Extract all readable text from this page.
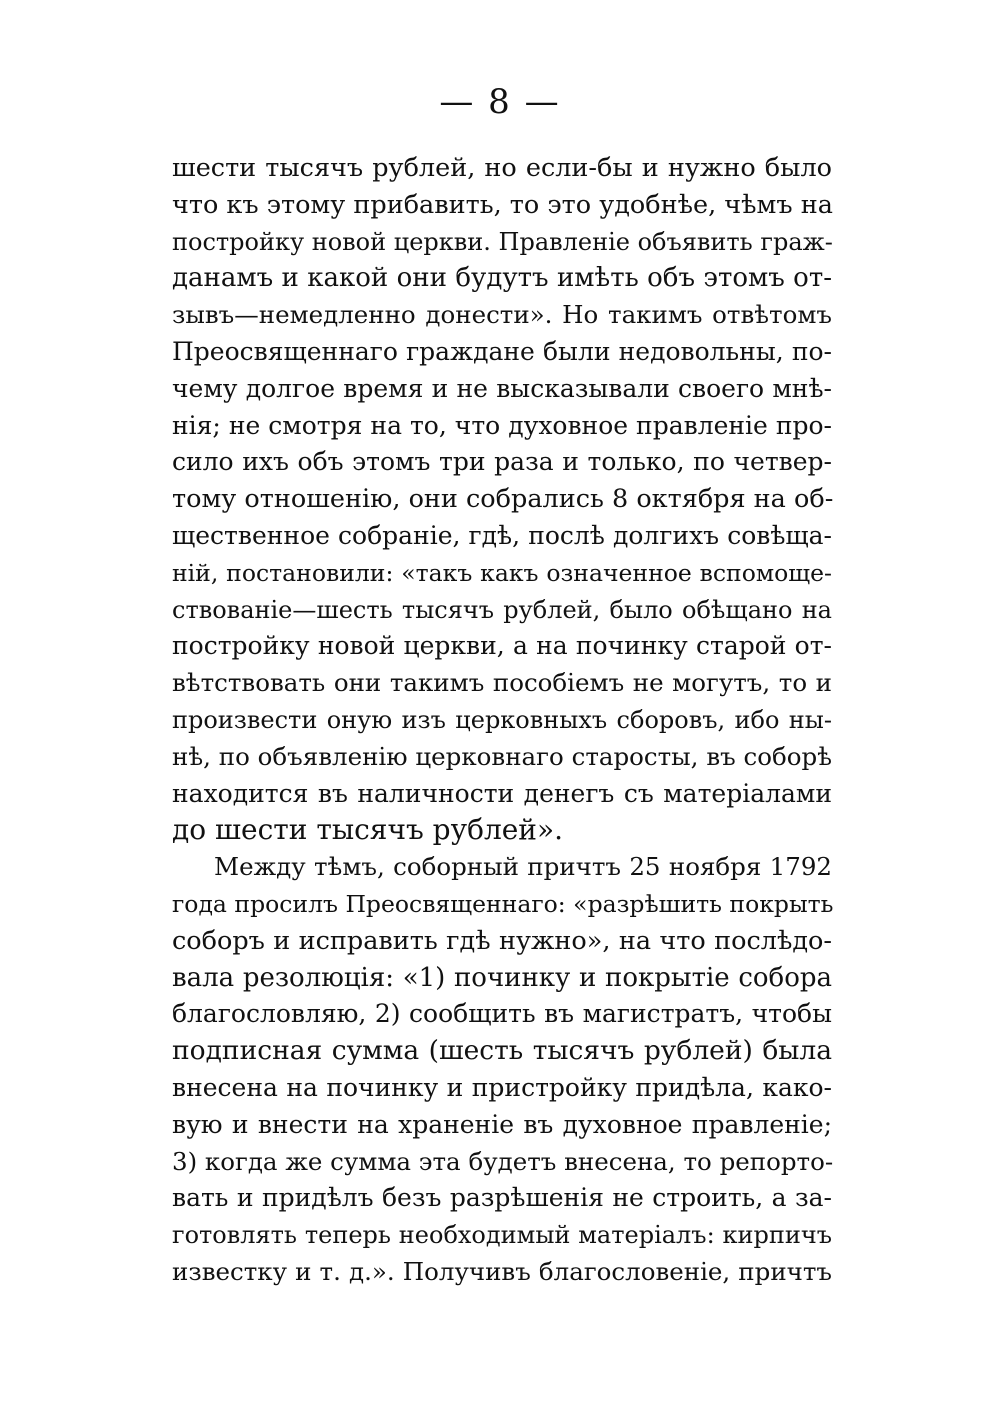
— 8 —
шести тысячъ рублей, но если-бы и нужно было
что къ этому прибавить, то это удобнѣе, чѣмъ на
постройку новой церкви. Правленіе объявить граж-
данамъ и какой они будутъ имѣть объ этомъ от-
зывъ—немедленно донести». Но такимъ отвѣтомъ
Преосвященнаго граждане были недовольны, по-
чему долгое время и не высказывали своего мнѣ-
нія; не смотря на то, что духовное правленіе про-
сило ихъ объ этомъ три раза и только, по четвер-
тому отношенію, они собрались 8 октября на об-
щественное собраніе, гдѣ, послѣ долгихъ совѣща-
ній, постановили: «такъ какъ означенное вспомоще-
ствованіе—шесть тысячъ рублей, было обѣщано на
постройку новой церкви, а на починку старой от-
вѣтствовать они такимъ пособіемъ не могутъ, то и
произвести оную изъ церковныхъ сборовъ, ибо ны-
нѣ, по объявленію церковнаго старосты, въ соборѣ
находится въ наличности денегъ съ матеріалами
до шести тысячъ рублей».
Между тѣмъ, соборный причтъ 25 ноября 1792
года просилъ Преосвященнаго: «разрѣшить покрыть
соборъ и исправить гдѣ нужно», на что послѣдо-
вала резолюція: «1) починку и покрытіе собора
благословляю, 2) сообщить въ магистратъ, чтобы
подписная сумма (шесть тысячъ рублей) была
внесена на починку и пристройку придѣла, како-
вую и внести на храненіе въ духовное правленіе;
3) когда же сумма эта будетъ внесена, то репорто-
вать и придѣлъ безъ разрѣшенія не строить, а за-
готовлять теперь необходимый матеріалъ: кирпичъ
известку и т. д.». Получивъ благословеніе, причтъ
